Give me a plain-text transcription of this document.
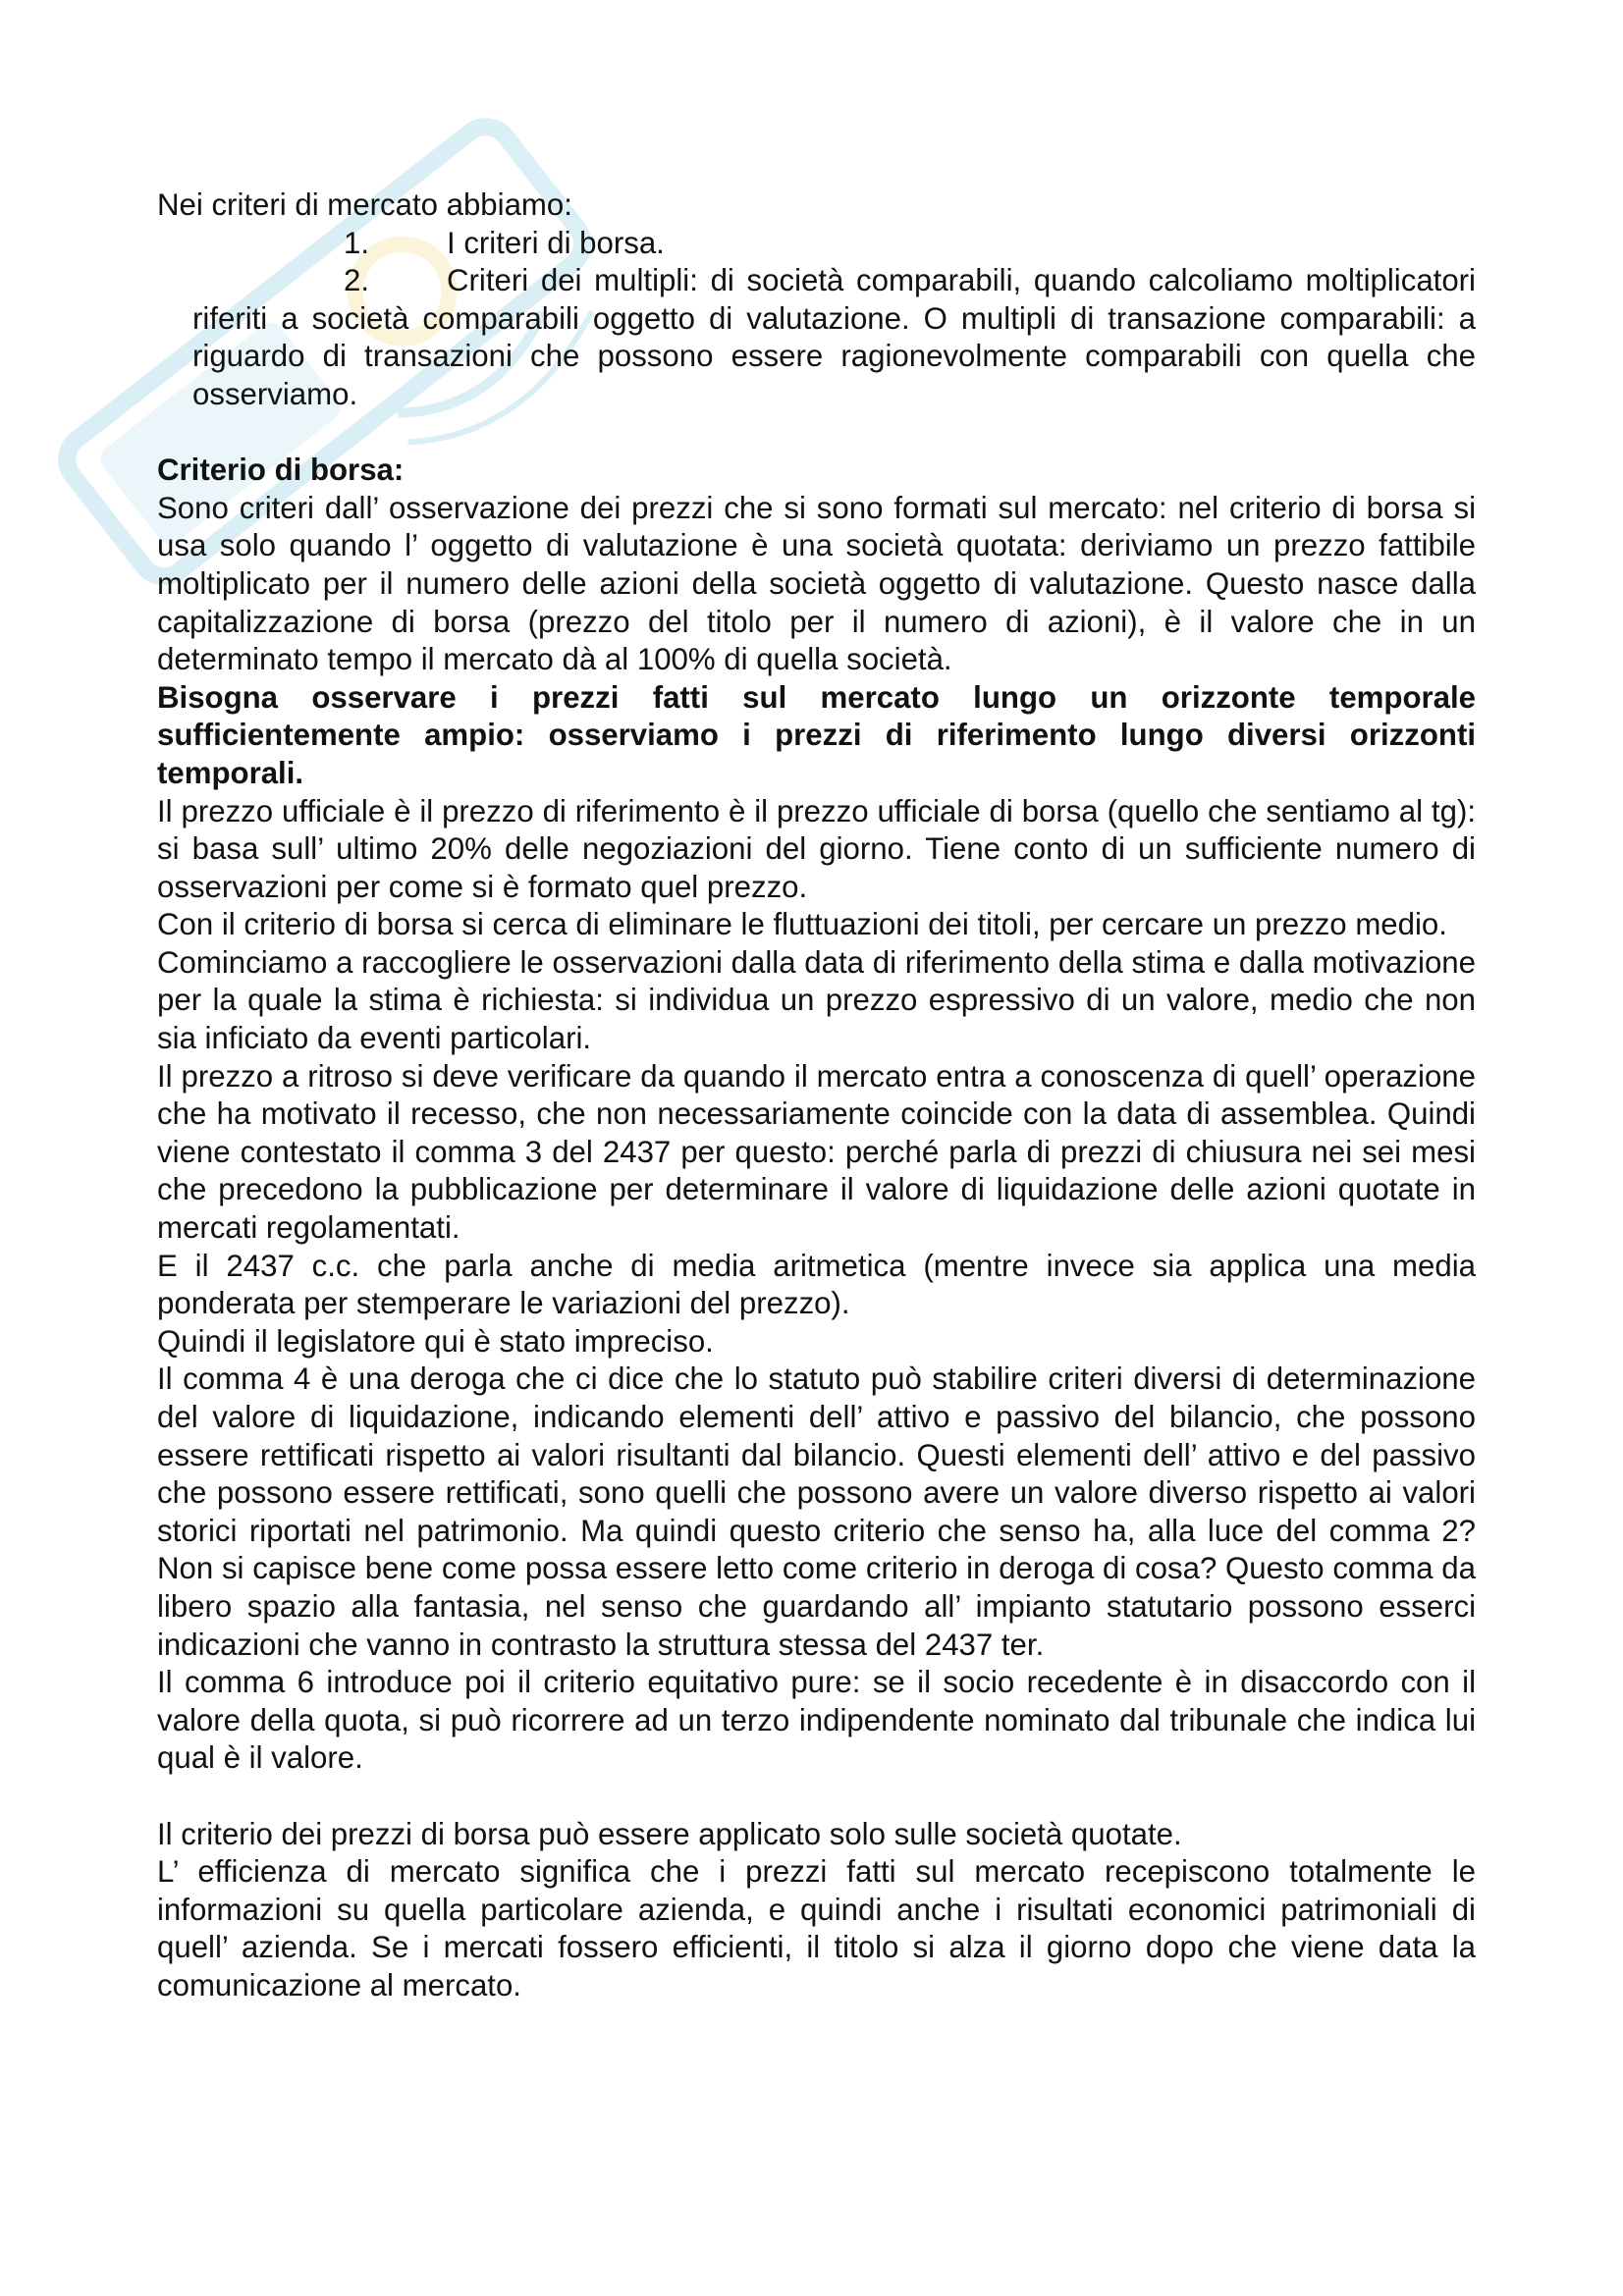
Nei criteri di mercato abbiamo:

1.	I criteri di borsa.
2.	Criteri dei multipli: di società comparabili, quando calcoliamo moltiplicatori riferiti a società comparabili oggetto di valutazione. O multipli di transazione comparabili: a riguardo di transazioni che possono essere ragionevolmente comparabili con quella che osserviamo.

Criterio di borsa:

Sono criteri dall’ osservazione dei prezzi che si sono formati sul mercato: nel criterio di borsa si usa solo quando l’ oggetto di valutazione è una società quotata: deriviamo un prezzo fattibile moltiplicato per il numero delle azioni della società oggetto di valutazione. Questo nasce dalla capitalizzazione di borsa (prezzo del titolo per il numero di azioni), è il valore che in un determinato tempo il mercato dà al 100% di quella società.

Bisogna osservare i prezzi fatti sul mercato lungo un orizzonte temporale sufficientemente ampio: osserviamo i prezzi di riferimento lungo diversi orizzonti temporali.

Il prezzo ufficiale è il prezzo di riferimento è il prezzo ufficiale di borsa (quello che sentiamo al tg): si basa sull’ ultimo 20% delle negoziazioni del giorno. Tiene conto di un sufficiente numero di osservazioni per come si è formato quel prezzo.

Con il criterio di borsa si cerca di eliminare le fluttuazioni dei titoli, per cercare un prezzo medio.

Cominciamo a raccogliere le osservazioni dalla data di riferimento della stima e dalla motivazione per la quale la stima è richiesta: si individua un prezzo espressivo di un valore, medio che non sia inficiato da eventi particolari.

Il prezzo a ritroso si deve verificare da quando il mercato entra a conoscenza di quell’ operazione che ha motivato il recesso, che non necessariamente coincide con la data di assemblea. Quindi viene contestato il comma 3 del 2437 per questo: perché parla di prezzi di chiusura nei sei mesi che precedono la pubblicazione per determinare il valore di liquidazione delle azioni quotate in mercati regolamentati.

E il 2437 c.c. che parla anche di media aritmetica (mentre invece sia applica una media ponderata per stemperare le variazioni del prezzo).

Quindi il legislatore qui è stato impreciso.

Il comma 4 è una deroga che ci dice che lo statuto può stabilire criteri diversi di determinazione del valore di liquidazione, indicando elementi dell’ attivo e passivo del bilancio, che possono essere rettificati rispetto ai valori risultanti dal bilancio. Questi elementi dell’ attivo e del passivo che possono essere rettificati, sono quelli che possono avere un valore diverso rispetto ai valori storici riportati nel patrimonio. Ma quindi questo criterio che senso ha, alla luce del comma 2? Non si capisce bene come possa essere letto come criterio in deroga di cosa? Questo comma da libero spazio alla fantasia, nel senso che guardando all’ impianto statutario possono esserci indicazioni che vanno in contrasto la struttura stessa del 2437 ter.

Il comma 6 introduce poi il criterio equitativo pure: se il socio recedente è in disaccordo con il valore della quota, si può ricorrere ad un terzo indipendente nominato dal tribunale che indica lui qual è il valore.

Il criterio dei prezzi di borsa può essere applicato solo sulle società quotate.

L’ efficienza di mercato significa che i prezzi fatti sul mercato recepiscono totalmente le informazioni su quella particolare azienda, e quindi anche i risultati economici patrimoniali di quell’ azienda. Se i mercati fossero efficienti, il titolo si alza il giorno dopo che viene data la comunicazione al mercato.
